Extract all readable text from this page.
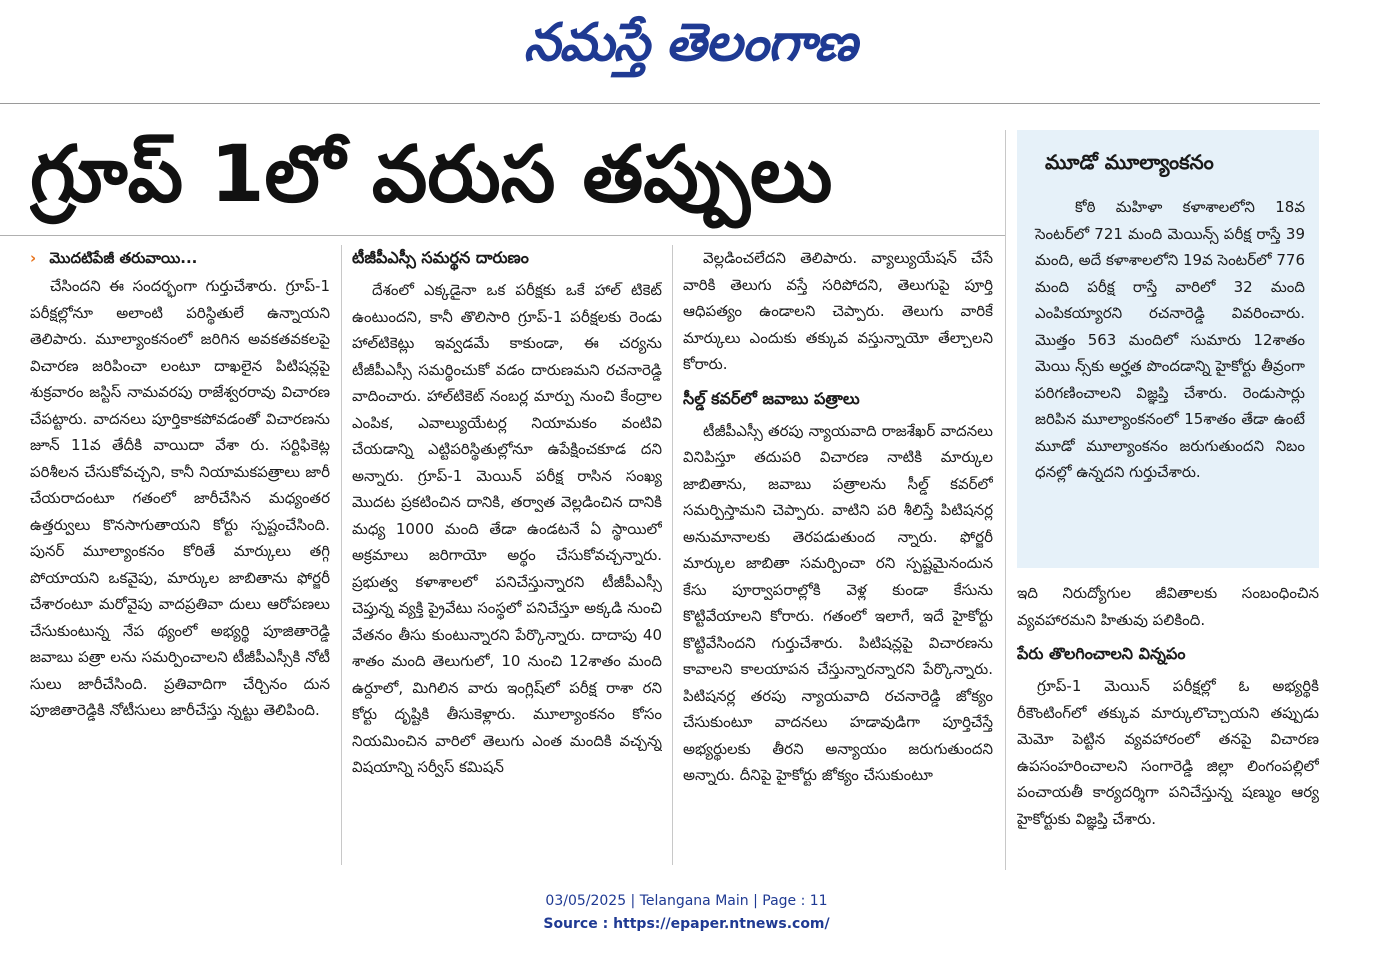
నమస్తే తెలంగాణ
గ్రూప్ 1లో వరుస తప్పులు
› మొదటిపేజీ తరువాయి...

చేసిందని ఈ సందర్భంగా గుర్తుచేశారు. గ్రూప్-1 పరీక్షల్లోనూ అలాంటి పరిస్థితులే ఉన్నాయని తెలిపారు. మూల్యాంకనంలో జరిగిన అవకతవకలపై విచారణ జరిపించా లంటూ దాఖలైన పిటిషన్లపై శుక్రవారం జస్టిస్ నామవరపు రాజేశ్వరరావు విచారణ చేపట్టారు. వాదనలు పూర్తికాకపోవడంతో విచారణను జూన్ 11వ తేదీకి వాయిదా వేశా రు. సర్టిఫికెట్ల పరిశీలన చేసుకోవచ్చని, కానీ నియామకపత్రాలు జారీ చేయరాదంటూ గతంలో జారీచేసిన మధ్యంతర ఉత్తర్వులు కొనసాగుతాయని కోర్టు స్పష్టంచేసింది. పునర్ మూల్యాంకనం కోరితే మార్కులు తగ్గి పోయాయని ఒకవైపు, మార్కుల జాబితాను ఫోర్జరీ చేశారంటూ మరోవైపు వాదప్రతివా దులు ఆరోపణలు చేసుకుంటున్న నేప థ్యంలో అభ్యర్థి పూజితారెడ్డి జవాబు పత్రా లను సమర్పించాలని టీజీపీఎస్సీకి నోటీ సులు జారీచేసింది. ప్రతివాదిగా చేర్చినం దున పూజితారెడ్డికి నోటీసులు జారీచేస్తు న్నట్టు తెలిపింది.

టీజీపీఎస్సీ సమర్థన దారుణం

దేశంలో ఎక్కడైనా ఒక పరీక్షకు ఒకే హాల్ టికెట్ ఉంటుందని, కానీ తొలిసారి గ్రూప్-1 పరీక్షలకు రెండు హాల్‌టికెట్లు ఇవ్వడమే కాకుండా, ఈ చర్యను టీజీపీఎస్సీ సమర్థించుకో వడం దారుణమని రచనారెడ్డి వాదించారు. హాల్‌టికెట్ నంబర్ల మార్పు నుంచి కేంద్రాల ఎంపిక, ఎవాల్యుయేటర్ల నియామకం వంటివి చేయడాన్ని ఎట్టిపరిస్థితుల్లోనూ ఉపేక్షించకూడ దని అన్నారు. గ్రూప్-1 మెయిన్ పరీక్ష రాసిన సంఖ్య మొదట ప్రకటించిన దానికి, తర్వాత వెల్లడించిన దానికి మధ్య 1000 మంది తేడా ఉండటనే ఏ స్థాయిలో అక్రమాలు జరిగాయో అర్థం చేసుకోవచ్చన్నారు. ప్రభుత్వ కళాశాలలో పనిచేస్తున్నారని టీజీపీఎస్సీ చెప్తున్న వ్యక్తి ప్రైవేటు సంస్థలో పనిచేస్తూ అక్కడి నుంచి వేతనం తీసు కుంటున్నారని పేర్కొన్నారు. దాదాపు 40 శాతం మంది తెలుగులో, 10 నుంచి 12శాతం మంది ఉర్దూలో, మిగిలిన వారు ఇంగ్లిష్‌లో పరీక్ష రాశా రని కోర్టు దృష్టికి తీసుకెళ్లారు. మూల్యాంకనం కోసం నియమించిన వారిలో తెలుగు ఎంత మందికి వచ్చన్న విషయాన్ని సర్వీస్ కమిషన్

వెల్లడించలేదని తెలిపారు. వ్యాల్యుయేషన్ చేసే వారికి తెలుగు వస్తే సరిపోదని, తెలుగుపై పూర్తి ఆధిపత్యం ఉండాలని చెప్పారు. తెలుగు వారికే మార్కులు ఎందుకు తక్కువ వస్తున్నాయో తేల్చాలని కోరారు.

సీల్డ్ కవర్‌లో జవాబు పత్రాలు

టీజీపీఎస్సీ తరపు న్యాయవాది రాజశేఖర్ వాదనలు వినిపిస్తూ తదుపరి విచారణ నాటికి మార్కుల జాబితాను, జవాబు పత్రాలను సీల్డ్ కవర్‌లో సమర్పిస్తామని చెప్పారు. వాటిని పరి శీలిస్తే పిటిషనర్ల అనుమానాలకు తెరపడుతుంద న్నారు. ఫోర్జరీ మార్కుల జాబితా సమర్పించా రని స్పష్టమైనందున కేసు పూర్వాపరాల్లోకి వెళ్ల కుండా కేసును కొట్టివేయాలని కోరారు. గతంలో ఇలాగే, ఇదే హైకోర్టు కొట్టివేసిందని గుర్తుచేశారు. పిటిషన్లపై విచారణను కావాలని కాలయాపన చేస్తున్నారన్నారని పేర్కొన్నారు. పిటిషనర్ల తరపు న్యాయవాది రచనారెడ్డి జోక్యం చేసుకుంటూ వాదనలు హడావుడిగా పూర్తిచేస్తే అభ్యర్థులకు తీరని అన్యాయం జరుగుతుందని అన్నారు. దీనిపై హైకోర్టు జోక్యం చేసుకుంటూ

మూడో మూల్యాంకనం
కోఠి మహిళా కళాశాలలోని 18వ సెంటర్‌లో 721 మంది మెయిన్స్ పరీక్ష రాస్తే 39 మంది, అదే కళాశాలలోని 19వ సెంటర్‌లో 776 మంది పరీక్ష రాస్తే వారిలో 32 మంది ఎంపికయ్యారని రచనారెడ్డి వివరించారు. మొత్తం 563 మందిలో సుమారు 12శాతం మెయి న్స్‌కు అర్హత పొందడాన్ని హైకోర్టు తీవ్రంగా పరిగణించాలని విజ్ఞప్తి చేశారు. రెండుసార్లు జరిపిన మూల్యాంకనంలో 15శాతం తేడా ఉంటే మూడో మూల్యాంకనం జరుగుతుందని నిబం ధనల్లో ఉన్నదని గుర్తుచేశారు.

ఇది నిరుద్యోగుల జీవితాలకు సంబంధించిన వ్యవహారమని హితువు పలికింది.

పేరు తొలగించాలని విన్నపం

గ్రూప్-1 మెయిన్ పరీక్షల్లో ఓ అభ్యర్థికి రీకౌంటింగ్‌లో తక్కువ మార్కులొచ్చాయని తప్పుడు మెమో పెట్టిన వ్యవహారంలో తనపై విచారణ ఉపసంహరించాలని సంగారెడ్డి జిల్లా లింగంపల్లిలో పంచాయతీ కార్యదర్శిగా పనిచేస్తున్న షణ్ముం ఆర్య హైకోర్టుకు విజ్ఞప్తి చేశారు.

03/05/2025 | Telangana Main | Page : 11
Source : https://epaper.ntnews.com/
